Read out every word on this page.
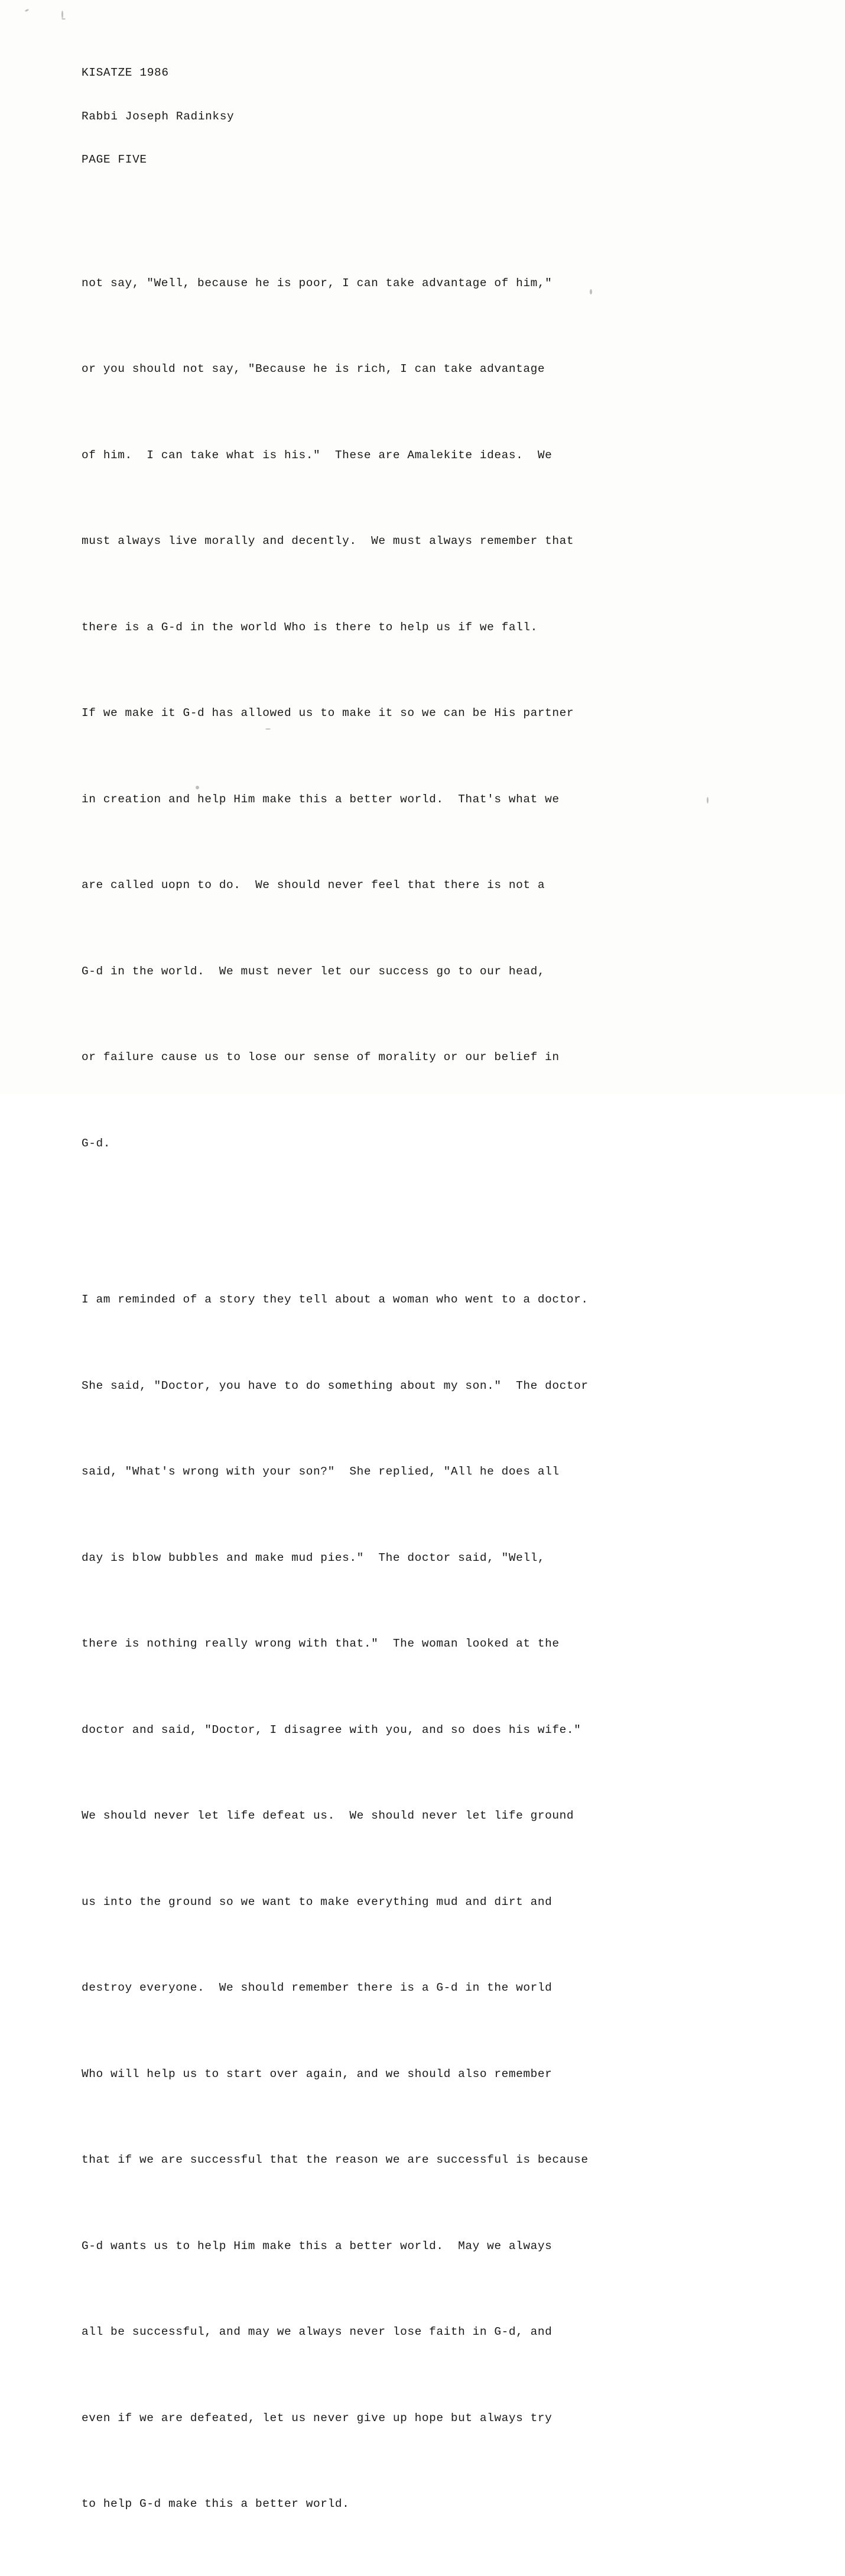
KISATZE 1986

Rabbi Joseph Radinksy

PAGE FIVE

not say, "Well, because he is poor, I can take advantage of him,"

or you should not say, "Because he is rich, I can take advantage

of him.  I can take what is his."  These are Amalekite ideas.  We

must always live morally and decently.  We must always remember that

there is a G-d in the world Who is there to help us if we fall.

If we make it G-d has allowed us to make it so we can be His partner

in creation and help Him make this a better world.  That's what we

are called uopn to do.  We should never feel that there is not a

G-d in the world.  We must never let our success go to our head,

or failure cause us to lose our sense of morality or our belief in

G-d.

I am reminded of a story they tell about a woman who went to a doctor.

She said, "Doctor, you have to do something about my son."  The doctor

said, "What's wrong with your son?"  She replied, "All he does all

day is blow bubbles and make mud pies."  The doctor said, "Well,

there is nothing really wrong with that."  The woman looked at the

doctor and said, "Doctor, I disagree with you, and so does his wife."

We should never let life defeat us.  We should never let life ground

us into the ground so we want to make everything mud and dirt and

destroy everyone.  We should remember there is a G-d in the world

Who will help us to start over again, and we should also remember

that if we are successful that the reason we are successful is because

G-d wants us to help Him make this a better world.  May we always

all be successful, and may we always never lose faith in G-d, and

even if we are defeated, let us never give up hope but always try

to help G-d make this a better world.
